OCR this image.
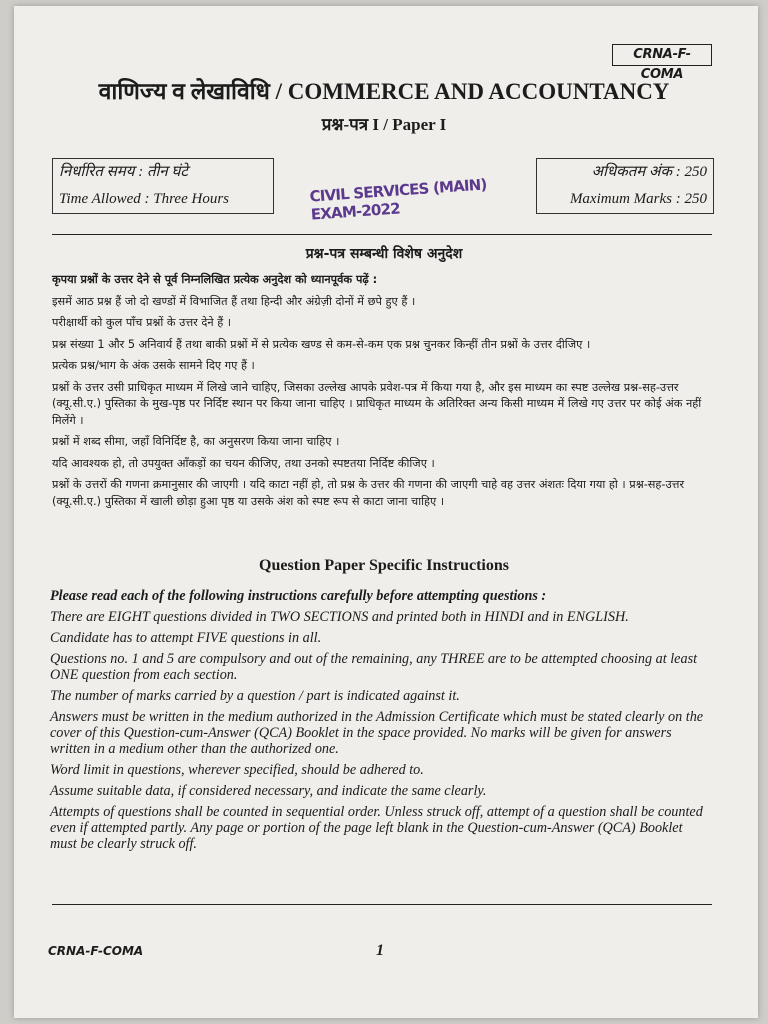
CRNA-F-COMA
वाणिज्य व लेखाविधि / COMMERCE AND ACCOUNTANCY
प्रश्न-पत्र I / Paper I
निर्धारित समय : तीन घंटे
Time Allowed : Three Hours	CIVIL SERVICES (MAIN) EXAM-2022
अधिकतम अंक : 250
Maximum Marks : 250
प्रश्न-पत्र सम्बन्धी विशेष अनुदेश

कृपया प्रश्नों के उत्तर देने से पूर्व निम्नलिखित प्रत्येक अनुदेश को ध्यानपूर्वक पढ़ें :

इसमें आठ प्रश्न हैं जो दो खण्डों में विभाजित हैं तथा हिन्दी और अंग्रेज़ी दोनों में छपे हुए हैं ।

परीक्षार्थी को कुल पाँच प्रश्नों के उत्तर देने हैं ।

प्रश्न संख्या 1 और 5 अनिवार्य हैं तथा बाकी प्रश्नों में से प्रत्येक खण्ड से कम-से-कम एक प्रश्न चुनकर किन्हीं तीन प्रश्नों के उत्तर दीजिए ।

प्रत्येक प्रश्न/भाग के अंक उसके सामने दिए गए हैं ।

प्रश्नों के उत्तर उसी प्राधिकृत माध्यम में लिखे जाने चाहिए, जिसका उल्लेख आपके प्रवेश-पत्र में किया गया है, और इस माध्यम का स्पष्ट उल्लेख प्रश्न-सह-उत्तर (क्यू.सी.ए.) पुस्तिका के मुख-पृष्ठ पर निर्दिष्ट स्थान पर किया जाना चाहिए । प्राधिकृत माध्यम के अतिरिक्त अन्य किसी माध्यम में लिखे गए उत्तर पर कोई अंक नहीं मिलेंगे ।

प्रश्नों में शब्द सीमा, जहाँ विनिर्दिष्ट है, का अनुसरण किया जाना चाहिए ।

यदि आवश्यक हो, तो उपयुक्त आँकड़ों का चयन कीजिए, तथा उनको स्पष्टतया निर्दिष्ट कीजिए ।

प्रश्नों के उत्तरों की गणना क्रमानुसार की जाएगी । यदि काटा नहीं हो, तो प्रश्न के उत्तर की गणना की जाएगी चाहे वह उत्तर अंशतः दिया गया हो । प्रश्न-सह-उत्तर (क्यू.सी.ए.) पुस्तिका में खाली छोड़ा हुआ पृष्ठ या उसके अंश को स्पष्ट रूप से काटा जाना चाहिए ।

Question Paper Specific Instructions

Please read each of the following instructions carefully before attempting questions :

There are EIGHT questions divided in TWO SECTIONS and printed both in HINDI and in ENGLISH.

Candidate has to attempt FIVE questions in all.

Questions no. 1 and 5 are compulsory and out of the remaining, any THREE are to be attempted choosing at least ONE question from each section.

The number of marks carried by a question / part is indicated against it.

Answers must be written in the medium authorized in the Admission Certificate which must be stated clearly on the cover of this Question-cum-Answer (QCA) Booklet in the space provided. No marks will be given for answers written in a medium other than the authorized one.

Word limit in questions, wherever specified, should be adhered to.

Assume suitable data, if considered necessary, and indicate the same clearly.

Attempts of questions shall be counted in sequential order. Unless struck off, attempt of a question shall be counted even if attempted partly. Any page or portion of the page left blank in the Question-cum-Answer (QCA) Booklet must be clearly struck off.

CRNA-F-COMA	1
